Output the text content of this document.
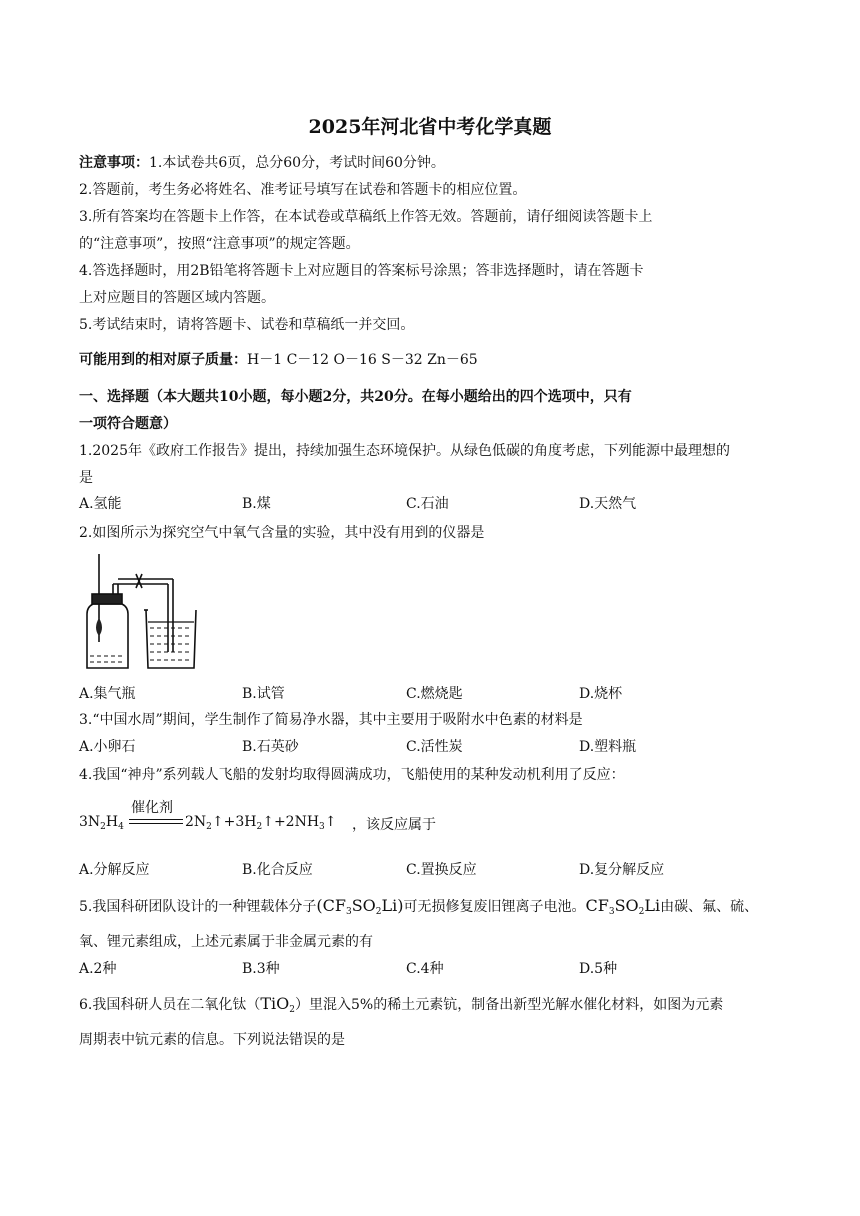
2025年河北省中考化学真题
注意事项：1.本试卷共6页，总分60分，考试时间60分钟。
2.答题前，考生务必将姓名、准考证号填写在试卷和答题卡的相应位置。
3.所有答案均在答题卡上作答，在本试卷或草稿纸上作答无效。答题前，请仔细阅读答题卡上
的“注意事项”，按照“注意事项”的规定答题。
4.答选择题时，用2B铅笔将答题卡上对应题目的答案标号涂黑；答非选择题时，请在答题卡
上对应题目的答题区域内答题。
5.考试结束时，请将答题卡、试卷和草稿纸一并交回。
可能用到的相对原子质量：H－1 C－12 O－16 S－32 Zn－65
一、选择题（本大题共10小题，每小题2分，共20分。在每小题给出的四个选项中，只有
一项符合题意）
1.2025年《政府工作报告》提出，持续加强生态环境保护。从绿色低碳的角度考虑，下列能源中最理想的
是
A.氢能	B.煤	C.石油	D.天然气
2.如图所示为探究空气中氧气含量的实验，其中没有用到的仪器是
A.集气瓶	B.试管	C.燃烧匙	D.烧杯
3.“中国水周”期间，学生制作了简易净水器，其中主要用于吸附水中色素的材料是
A.小卵石	B.石英砂	C.活性炭	D.塑料瓶
4.我国“神舟”系列载人飞船的发射均取得圆满成功，飞船使用的某种发动机利用了反应：
$3N_2H_4$
催化剂
$2N_2↑+3H_2↑+2NH_3↑$ ，该反应属于
A.分解反应	B.化合反应	C.置换反应	D.复分解反应
5.我国科研团队设计的一种锂载体分子$(CF_3SO_2Li)$可无损修复废旧锂离子电池。$CF_3SO_2Li$由碳、氟、硫、
氧、锂元素组成，上述元素属于非金属元素的有
A.2种	B.3种	C.4种	D.5种
6.我国科研人员在二氧化钛（TiO$_2$）里混入5%的稀土元素钪，制备出新型光解水催化材料，如图为元素
周期表中钪元素的信息。下列说法错误的是
